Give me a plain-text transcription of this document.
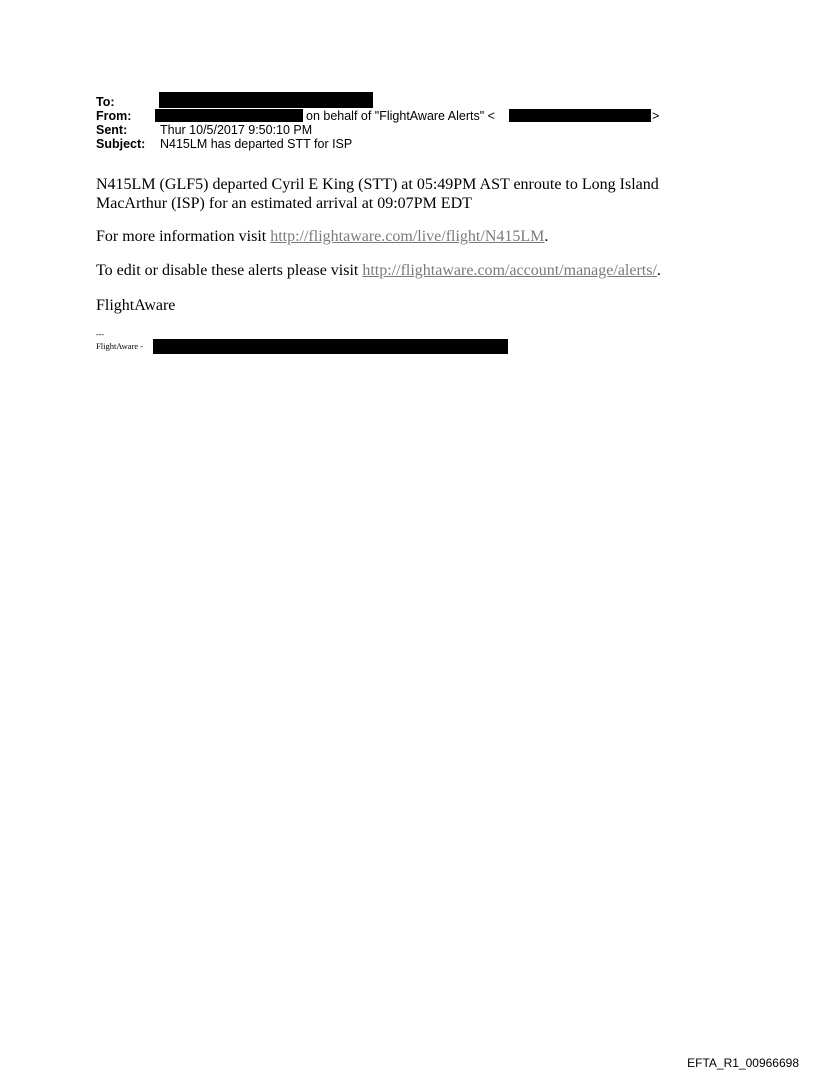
To:
From:	on behalf of "FlightAware Alerts" <	>
Sent:	Thur 10/5/2017 9:50:10 PM
Subject: N415LM has departed STT for ISP
N415LM (GLF5) departed Cyril E King (STT) at 05:49PM AST enroute to Long Island MacArthur (ISP) for an estimated arrival at 09:07PM EDT
For more information visit http://flightaware.com/live/flight/N415LM.
To edit or disable these alerts please visit http://flightaware.com/account/manage/alerts/.
FlightAware
---
FlightAware -
EFTA_R1_00966698
